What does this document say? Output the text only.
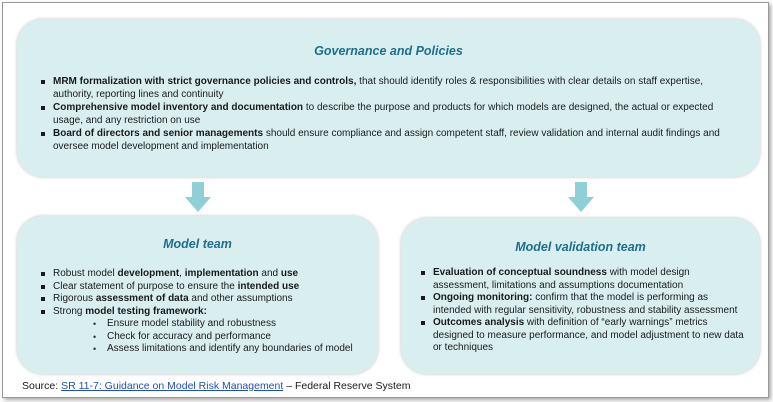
Governance and Policies
MRM formalization with strict governance policies and controls, that should identify roles & responsibilities with clear details on staff expertise, authority, reporting lines and continuity
Comprehensive model inventory and documentation to describe the purpose and products for which models are designed, the actual or expected usage, and any restriction on use
Board of directors and senior managements should ensure compliance and assign competent staff, review validation and internal audit findings and oversee model development and implementation
Model team
Robust model development, implementation and use
Clear statement of purpose to ensure the intended use
Rigorous assessment of data and other assumptions
Strong model testing framework:
• Ensure model stability and robustness
• Check for accuracy and performance
• Assess limitations and identify any boundaries of model
Model validation team
Evaluation of conceptual soundness with model design assessment, limitations and assumptions documentation
Ongoing monitoring: confirm that the model is performing as intended with regular sensitivity, robustness and stability assessment
Outcomes analysis with definition of “early warnings” metrics designed to measure performance, and model adjustment to new data or techniques
Source: SR 11-7: Guidance on Model Risk Management – Federal Reserve System
